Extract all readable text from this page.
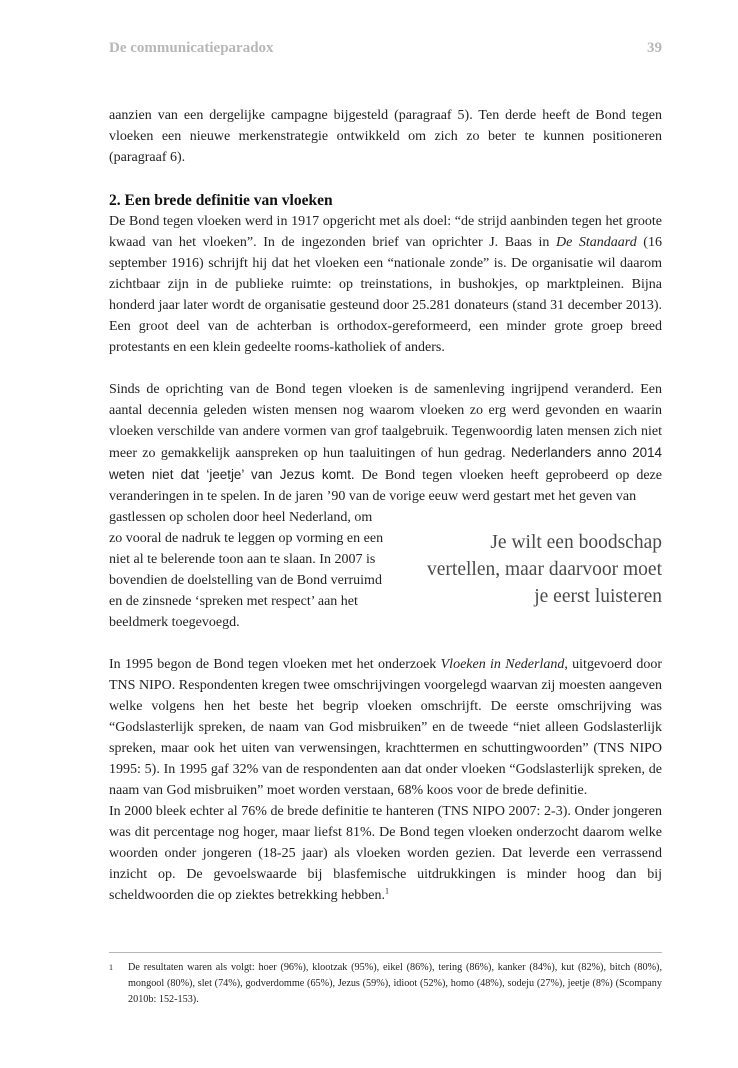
De communicatieparadox	39

aanzien van een dergelijke campagne bijgesteld (paragraaf 5). Ten derde heeft de Bond tegen vloeken een nieuwe merkenstrategie ontwikkeld om zich zo beter te kunnen positioneren (paragraaf 6).

2. Een brede definitie van vloeken

De Bond tegen vloeken werd in 1917 opgericht met als doel: “de strijd aanbinden tegen het groote kwaad van het vloeken”. In de ingezonden brief van oprichter J. Baas in De Standaard (16 september 1916) schrijft hij dat het vloeken een “nationale zonde” is. De organisatie wil daarom zichtbaar zijn in de publieke ruimte: op treinstations, in bushokjes, op marktpleinen. Bijna honderd jaar later wordt de organisatie gesteund door 25.281 donateurs (stand 31 december 2013). Een groot deel van de achterban is orthodox-gereformeerd, een minder grote groep breed protestants en een klein gedeelte rooms-katholiek of anders.

Sinds de oprichting van de Bond tegen vloeken is de samenleving ingrijpend veranderd. Een aantal decennia geleden wisten mensen nog waarom vloeken zo erg werd gevonden en waarin vloeken verschilde van andere vormen van grof taalgebruik. Tegenwoordig laten mensen zich niet meer zo gemakkelijk aanspreken op hun taaluitingen of hun gedrag. Nederlanders anno 2014 weten niet dat ‘jeetje’ van Jezus komt. De Bond tegen vloeken heeft geprobeerd op deze veranderingen in te spelen. In de jaren ’90 van de vorige eeuw werd gestart met het geven van

gastlessen op scholen door heel Nederland, om zo vooral de nadruk te leggen op vorming en een niet al te belerende toon aan te slaan. In 2007 is bovendien de doelstelling van de Bond verruimd en de zinsnede ‘spreken met respect’ aan het beeldmerk toegevoegd.

Je wilt een boodschap vertellen, maar daarvoor moet je eerst luisteren

In 1995 begon de Bond tegen vloeken met het onderzoek Vloeken in Nederland, uitgevoerd door TNS NIPO. Respondenten kregen twee omschrijvingen voorgelegd waarvan zij moesten aangeven welke volgens hen het beste het begrip vloeken omschrijft. De eerste omschrijving was “Godslasterlijk spreken, de naam van God misbruiken” en de tweede “niet alleen Godslasterlijk spreken, maar ook het uiten van verwensingen, krachttermen en schuttingwoorden” (TNS NIPO 1995: 5). In 1995 gaf 32% van de respondenten aan dat onder vloeken “Godslasterlijk spreken, de naam van God misbruiken” moet worden verstaan, 68% koos voor de brede definitie.

In 2000 bleek echter al 76% de brede definitie te hanteren (TNS NIPO 2007: 2-3). Onder jongeren was dit percentage nog hoger, maar liefst 81%. De Bond tegen vloeken onderzocht daarom welke woorden onder jongeren (18-25 jaar) als vloeken worden gezien. Dat leverde een verrassend inzicht op. De gevoelswaarde bij blasfemische uitdrukkingen is minder hoog dan bij scheldwoorden die op ziektes betrekking hebben.$^1$

1	De resultaten waren als volgt: hoer (96%), klootzak (95%), eikel (86%), tering (86%), kanker (84%), kut (82%), bitch (80%), mongool (80%), slet (74%), godverdomme (65%), Jezus (59%), idioot (52%), homo (48%), sodeju (27%), jeetje (8%) (Scompany 2010b: 152-153).
